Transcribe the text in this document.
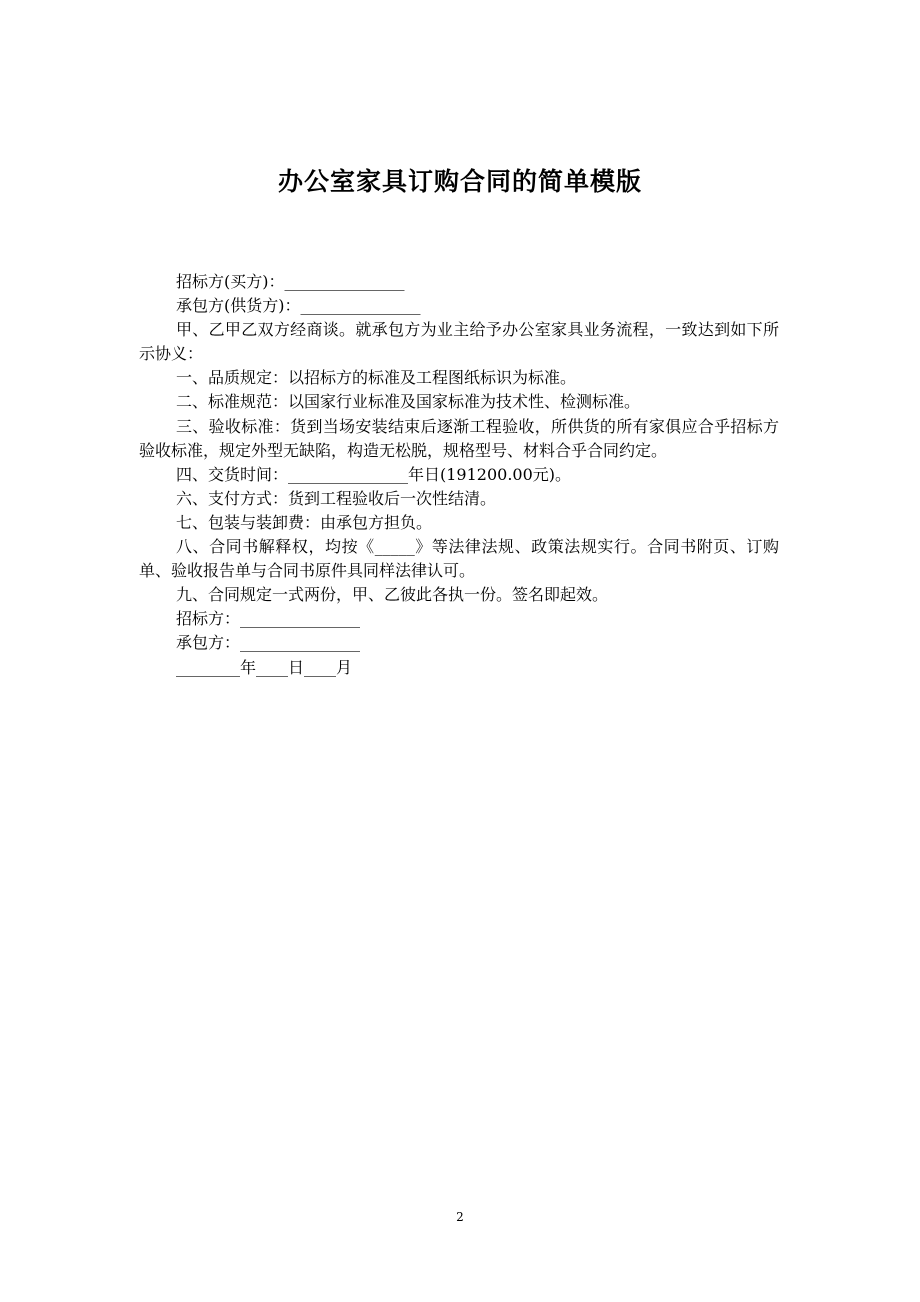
办公室家具订购合同的简单模版

招标方(买方)：_______________

承包方(供货方)：_______________

甲、乙甲乙双方经商谈。就承包方为业主给予办公室家具业务流程，一致达到如下所示协义：

一、品质规定：以招标方的标准及工程图纸标识为标准。

二、标准规范：以国家行业标准及国家标准为技术性、检测标准。

三、验收标准：货到当场安装结束后逐渐工程验收，所供货的所有家俱应合乎招标方验收标准，规定外型无缺陷，构造无松脱，规格型号、材料合乎合同约定。

四、交货时间：_______________年日(191200.00元)。

六、支付方式：货到工程验收后一次性结清。

七、包装与装卸费：由承包方担负。

八、合同书解释权，均按《_____》等法律法规、政策法规实行。合同书附页、订购单、验收报告单与合同书原件具同样法律认可。

九、合同规定一式两份，甲、乙彼此各执一份。签名即起效。

招标方：_______________

承包方：_______________

________年____日____月

2
